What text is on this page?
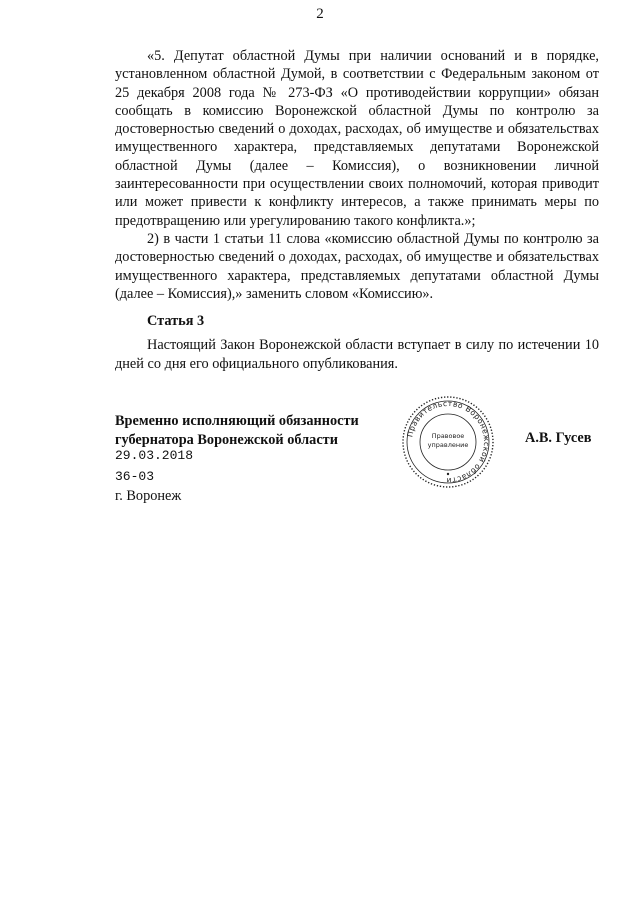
2

«5. Депутат областной Думы при наличии оснований и в порядке, установленном областной Думой, в соответствии с Федеральным законом от 25 декабря 2008 года № 273-ФЗ «О противодействии коррупции» обязан сообщать в комиссию Воронежской областной Думы по контролю за достоверностью сведений о доходах, расходах, об имуществе и обязательствах имущественного характера, представляемых депутатами Воронежской областной Думы (далее – Комиссия), о возникновении личной заинтересованности при осуществлении своих полномочий, которая приводит или может привести к конфликту интересов, а также принимать меры по предотвращению или урегулированию такого конфликта.»;

2) в части 1 статьи 11 слова «комиссию областной Думы по контролю за достоверностью сведений о доходах, расходах, об имуществе и обязательствах имущественного характера, представляемых депутатами областной Думы (далее – Комиссия),» заменить словом «Комиссию».

Статья 3

Настоящий Закон Воронежской области вступает в силу по истечении 10 дней со дня его официального опубликования.

Временно исполняющий обязанности
губернатора Воронежской области
29.03.2018
36-03
г. Воронеж
Правительство Воронежской области
Правовое
управление	А.В. Гусев
